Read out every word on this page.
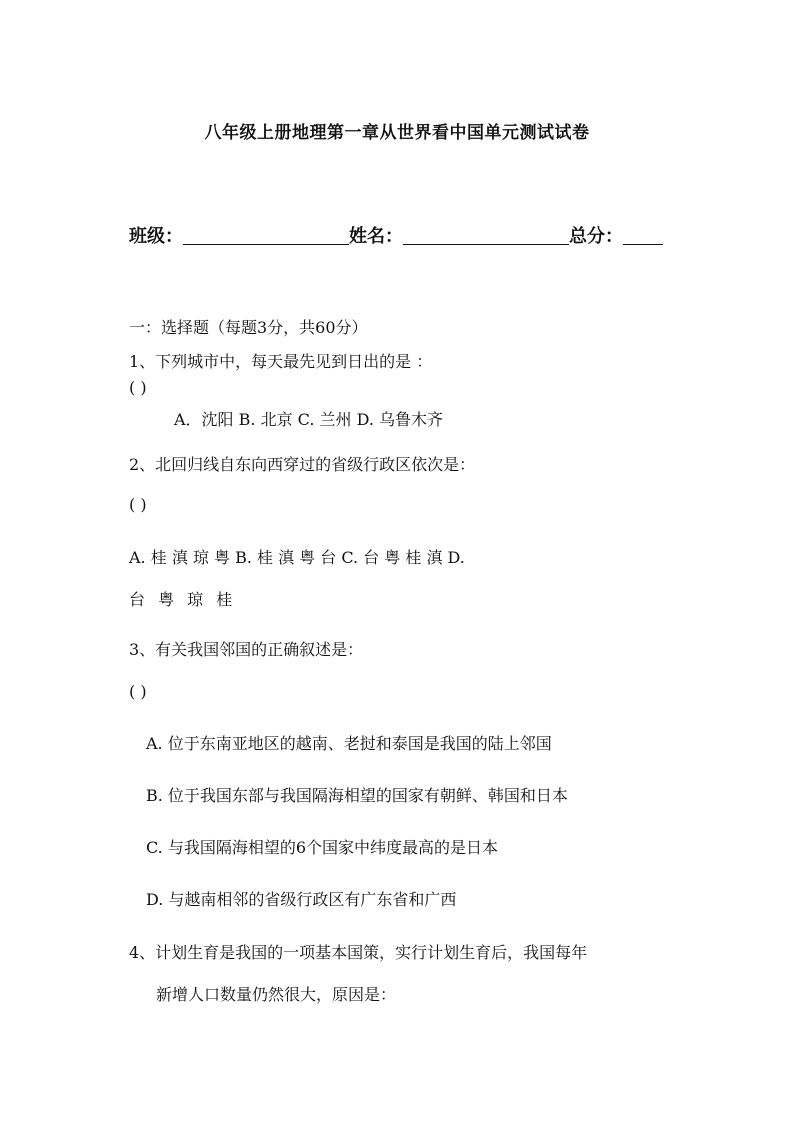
八年级上册地理第一章从世界看中国单元测试试卷
班级：	姓名：	总分：
一：选择题（每题3分，共60分）
1、下列城市中，每天最先见到日出的是 ：
( )
A．沈阳 B. 北京 C. 兰州 D. 乌鲁木齐
2、北回归线自东向西穿过的省级行政区依次是：
( )
A. 桂 滇 琼 粤 B. 桂 滇 粤 台 C. 台 粤 桂 滇 D.
台 粤 琼 桂
3、有关我国邻国的正确叙述是：
( )
A. 位于东南亚地区的越南、老挝和泰国是我国的陆上邻国
B. 位于我国东部与我国隔海相望的国家有朝鲜、韩国和日本
C. 与我国隔海相望的6个国家中纬度最高的是日本
D. 与越南相邻的省级行政区有广东省和广西
4、计划生育是我国的一项基本国策，实行计划生育后，我国每年
新增人口数量仍然很大，原因是：
